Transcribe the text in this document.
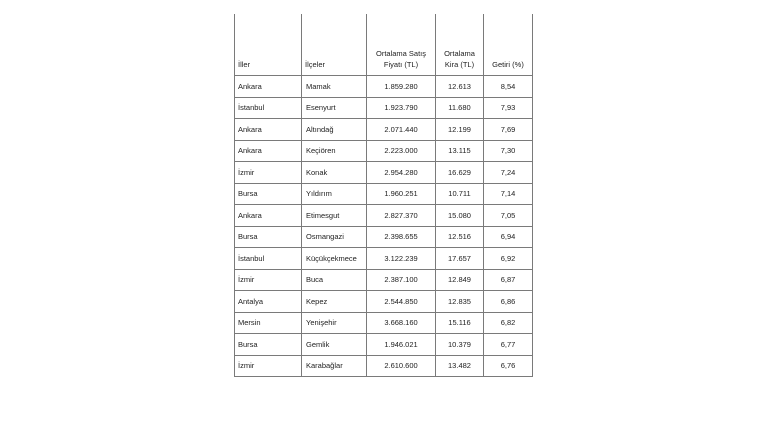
İller	İlçeler	Ortalama Satış Fiyatı (TL)	Ortalama Kira (TL)	Getiri (%)
Ankara	Mamak	1.859.280	12.613	8,54
İstanbul	Esenyurt	1.923.790	11.680	7,93
Ankara	Altındağ	2.071.440	12.199	7,69
Ankara	Keçiören	2.223.000	13.115	7,30
İzmir	Konak	2.954.280	16.629	7,24
Bursa	Yıldırım	1.960.251	10.711	7,14
Ankara	Etimesgut	2.827.370	15.080	7,05
Bursa	Osmangazi	2.398.655	12.516	6,94
İstanbul	Küçükçekmece	3.122.239	17.657	6,92
İzmir	Buca	2.387.100	12.849	6,87
Antalya	Kepez	2.544.850	12.835	6,86
Mersin	Yenişehir	3.668.160	15.116	6,82
Bursa	Gemlik	1.946.021	10.379	6,77
İzmir	Karabağlar	2.610.600	13.482	6,76
